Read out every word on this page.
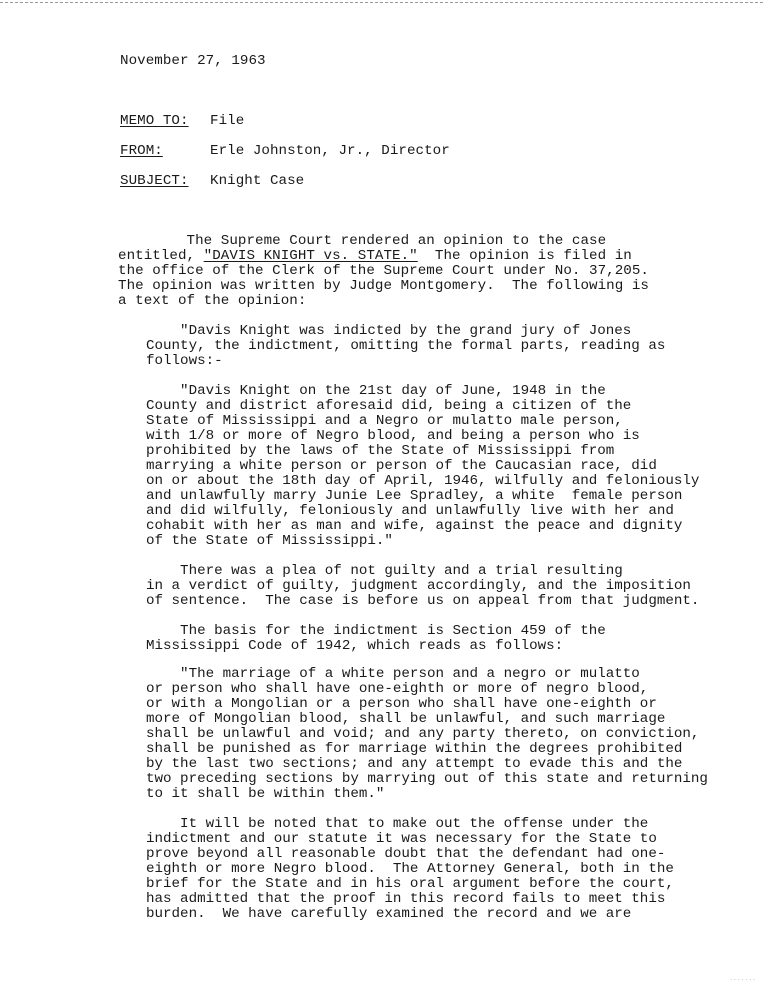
November 27, 1963
MEMO TO: File
FROM:	Erle Johnston, Jr., Director
SUBJECT: Knight Case
The Supreme Court rendered an opinion to the case
entitled, "DAVIS KNIGHT vs. STATE."  The opinion is filed in
the office of the Clerk of the Supreme Court under No. 37,205.
The opinion was written by Judge Montgomery.  The following is
a text of the opinion:
"Davis Knight was indicted by the grand jury of Jones
County, the indictment, omitting the formal parts, reading as
follows:-
"Davis Knight on the 21st day of June, 1948 in the
County and district aforesaid did, being a citizen of the
State of Mississippi and a Negro or mulatto male person,
with 1/8 or more of Negro blood, and being a person who is
prohibited by the laws of the State of Mississippi from
marrying a white person or person of the Caucasian race, did
on or about the 18th day of April, 1946, wilfully and feloniously
and unlawfully marry Junie Lee Spradley, a white  female person
and did wilfully, feloniously and unlawfully live with her and
cohabit with her as man and wife, against the peace and dignity
of the State of Mississippi."
There was a plea of not guilty and a trial resulting
in a verdict of guilty, judgment accordingly, and the imposition
of sentence.  The case is before us on appeal from that judgment.
The basis for the indictment is Section 459 of the
Mississippi Code of 1942, which reads as follows:
"The marriage of a white person and a negro or mulatto
or person who shall have one-eighth or more of negro blood,
or with a Mongolian or a person who shall have one-eighth or
more of Mongolian blood, shall be unlawful, and such marriage
shall be unlawful and void; and any party thereto, on conviction,
shall be punished as for marriage within the degrees prohibited
by the last two sections; and any attempt to evade this and the
two preceding sections by marrying out of this state and returning
to it shall be within them."
It will be noted that to make out the offense under the
indictment and our statute it was necessary for the State to
prove beyond all reasonable doubt that the defendant had one-
eighth or more Negro blood.  The Attorney General, both in the
brief for the State and in his oral argument before the court,
has admitted that the proof in this record fails to meet this
burden.  We have carefully examined the record and we are
· · · · · · ·
